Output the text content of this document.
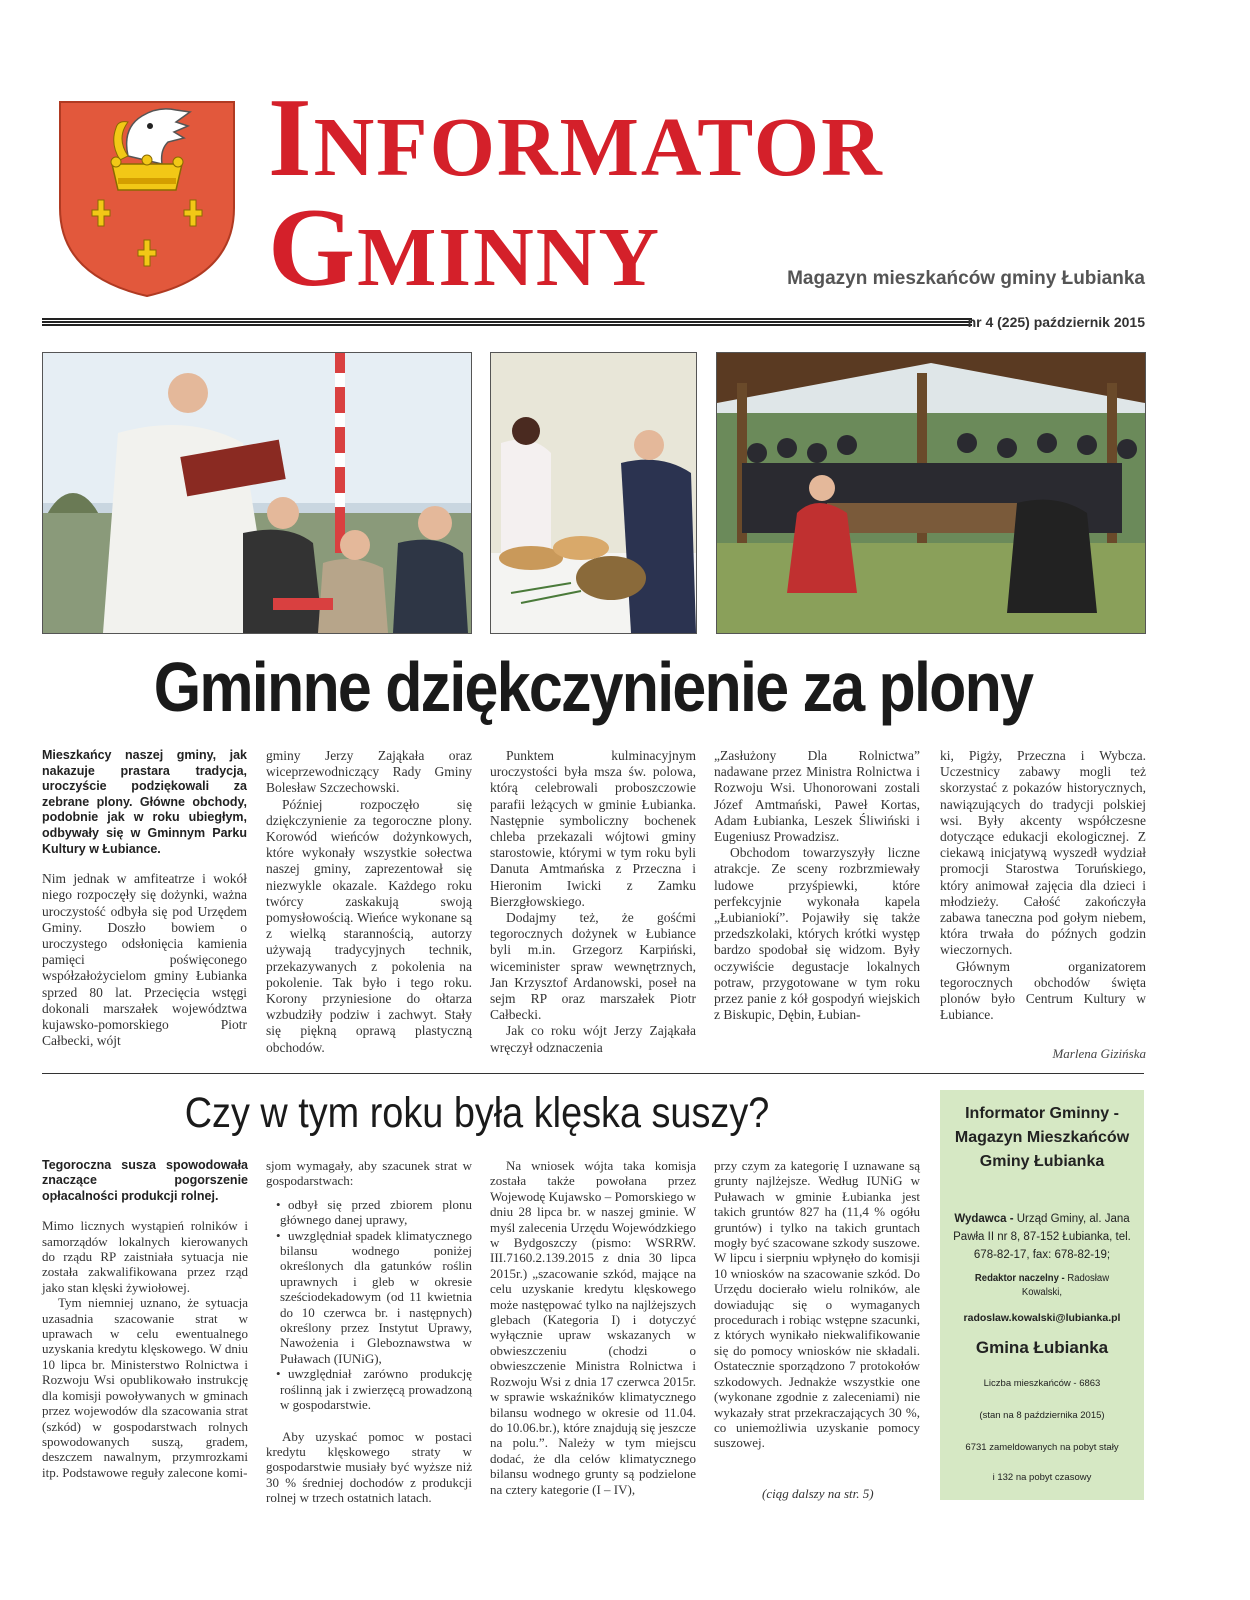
INFORMATOR
GMINNY	Magazyn mieszkańców gminy Łubianka
nr 4 (225) październik 2015
Gminne dziękczynienie za plony

Mieszkańcy naszej gminy, jak nakazuje prastara tradycja, uroczyście podziękowali za zebrane plony. Główne obchody, podobnie jak w roku ubiegłym, odbywały się w Gminnym Parku Kultury w Łubiance.

Nim jednak w amfiteatrze i wokół niego rozpoczęły się dożynki, ważna uroczystość odbyła się pod Urzędem Gminy. Doszło bowiem o uroczystego odsłonięcia kamienia pamięci poświęconego współzałożycielom gminy Łubianka sprzed 80 lat. Przecięcia wstęgi dokonali marszałek województwa kujawsko-pomorskiego Piotr Całbecki, wójt

gminy Jerzy Zająkała oraz wiceprzewodniczący Rady Gminy Bolesław Szczechowski.

Później rozpoczęło się dziękczynienie za tegoroczne plony. Korowód wieńców dożynkowych, które wykonały wszystkie sołectwa naszej gminy, zaprezentował się niezwykle okazale. Każdego roku twórcy zaskakują swoją pomysłowością. Wieńce wykonane są z wielką starannością, autorzy używają tradycyjnych technik, przekazywanych z pokolenia na pokolenie. Tak było i tego roku. Korony przyniesione do ołtarza wzbudziły podziw i zachwyt. Stały się piękną oprawą plastyczną obchodów.

Punktem kulminacyjnym uroczystości była msza św. polowa, którą celebrowali proboszczowie parafii leżących w gminie Łubianka. Następnie symboliczny bochenek chleba przekazali wójtowi gminy starostowie, którymi w tym roku byli Danuta Amtmańska z Przeczna i Hieronim Iwicki z Zamku Bierzgłowskiego.

Dodajmy też, że gośćmi tegorocznych dożynek w Łubiance byli m.in. Grzegorz Karpiński, wiceminister spraw wewnętrznych, Jan Krzysztof Ardanowski, poseł na sejm RP oraz marszałek Piotr Całbecki.

Jak co roku wójt Jerzy Zająkała wręczył odznaczenia

„Zasłużony Dla Rolnictwa” nadawane przez Ministra Rolnictwa i Rozwoju Wsi. Uhonorowani zostali Józef Amtmański, Paweł Kortas, Adam Łubianka, Leszek Śliwiński i Eugeniusz Prowadzisz.

Obchodom towarzyszyły liczne atrakcje. Ze sceny rozbrzmiewały ludowe przyśpiewki, które perfekcyjnie wykonała kapela „Łubianiokí”. Pojawiły się także przedszkolaki, których krótki występ bardzo spodobał się widzom. Były oczywiście degustacje lokalnych potraw, przygotowane w tym roku przez panie z kół gospodyń wiejskich z Biskupic, Dębin, Łubian-

ki, Pigży, Przeczna i Wybcza. Uczestnicy zabawy mogli też skorzystać z pokazów historycznych, nawiązujących do tradycji polskiej wsi. Były akcenty współczesne dotyczące edukacji ekologicznej. Z ciekawą inicjatywą wyszedł wydział promocji Starostwa Toruńskiego, który animował zajęcia dla dzieci i młodzieży. Całość zakończyła zabawa taneczna pod gołym niebem, która trwała do późnych godzin wieczornych.

Głównym organizatorem tegorocznych obchodów święta plonów było Centrum Kultury w Łubiance.

Marlena Gizińska
Czy w tym roku była klęska suszy?

Tegoroczna susza spowodowała znaczące pogorszenie opłacalności produkcji rolnej.

Mimo licznych wystąpień rolników i samorządów lokalnych kierowanych do rządu RP zaistniała sytuacja nie została zakwalifikowana przez rząd jako stan klęski żywiołowej.

Tym niemniej uznano, że sytuacja uzasadnia szacowanie strat w uprawach w celu ewentualnego uzyskania kredytu klęskowego. W dniu 10 lipca br. Ministerstwo Rolnictwa i Rozwoju Wsi opublikowało instrukcję dla komisji powoływanych w gminach przez wojewodów dla szacowania strat (szkód) w gospodarstwach rolnych spowodowanych suszą, gradem, deszczem nawalnym, przymrozkami itp. Podstawowe reguły zalecone komi-

sjom wymagały, aby szacunek strat w gospodarstwach:

• odbył się przed zbiorem plonu głównego danej uprawy,
• uwzględniał spadek klimatycznego bilansu wodnego poniżej określonych dla gatunków roślin uprawnych i gleb w okresie sześciodekadowym (od 11 kwietnia do 10 czerwca br. i następnych) określony przez Instytut Uprawy, Nawożenia i Gleboznawstwa w Puławach (IUNiG),
• uwzględniał zarówno produkcję roślinną jak i zwierzęcą prowadzoną w gospodarstwie.

Aby uzyskać pomoc w postaci kredytu klęskowego straty w gospodarstwie musiały być wyższe niż 30 % średniej dochodów z produkcji rolnej w trzech ostatnich latach.

Na wniosek wójta taka komisja została także powołana przez Wojewodę Kujawsko – Pomorskiego w dniu 28 lipca br. w naszej gminie. W myśl zalecenia Urzędu Wojewódzkiego w Bydgoszczy (pismo: WSRRW. III.7160.2.139.2015 z dnia 30 lipca 2015r.) „szacowanie szkód, mające na celu uzyskanie kredytu klęskowego może następować tylko na najlżejszych glebach (Kategoria I) i dotyczyć wyłącznie upraw wskazanych w obwieszczeniu (chodzi o obwieszczenie Ministra Rolnictwa i Rozwoju Wsi z dnia 17 czerwca 2015r. w sprawie wskaźników klimatycznego bilansu wodnego w okresie od 11.04. do 10.06.br.), które znajdują się jeszcze na polu.”. Należy w tym miejscu dodać, że dla celów klimatycznego bilansu wodnego grunty są podzielone na cztery kategorie (I – IV),

przy czym za kategorię I uznawane są grunty najlżejsze. Według IUNiG w Puławach w gminie Łubianka jest takich gruntów 827 ha (11,4 % ogółu gruntów) i tylko na takich gruntach mogły być szacowane szkody suszowe. W lipcu i sierpniu wpłynęło do komisji 10 wniosków na szacowanie szkód. Do Urzędu docierało wielu rolników, ale dowiadując się o wymaganych procedurach i robiąc wstępne szacunki, z których wynikało niekwalifikowanie się do pomocy wniosków nie składali. Ostatecznie sporządzono 7 protokołów szkodowych. Jednakże wszystkie one (wykonane zgodnie z zaleceniami) nie wykazały strat przekraczających 30 %, co uniemożliwia uzyskanie pomocy suszowej.

(ciąg dalszy na str. 5)
Informator Gminny - Magazyn Mieszkańców Gminy Łubianka
Wydawca - Urząd Gminy, al. Jana Pawła II nr 8, 87-152 Łubianka, tel. 678-82-17, fax: 678-82-19;
Redaktor naczelny - Radosław Kowalski,
radoslaw.kowalski@lubianka.pl
Gmina Łubianka
Liczba mieszkańców - 6863
(stan na 8 października 2015)
6731 zameldowanych na pobyt stały
i 132 na pobyt czasowy
